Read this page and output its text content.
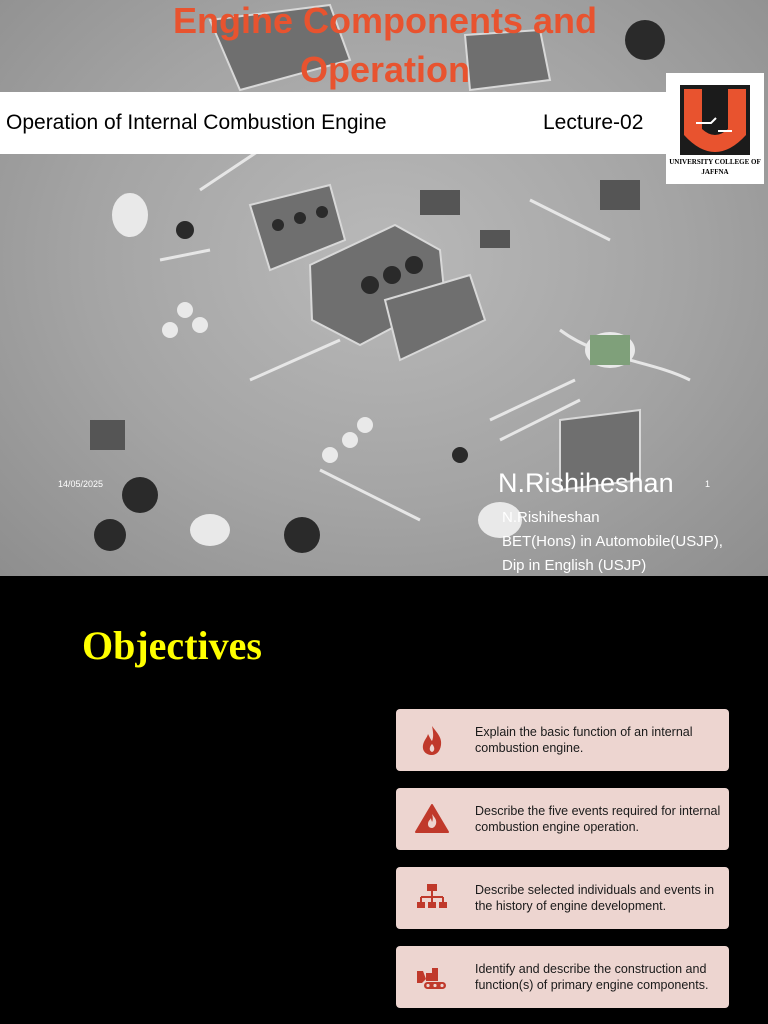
Engine Components and Operation
Operation of Internal Combustion Engine	Lecture-02
UNIVERSITY COLLEGE OF JAFFNA
14/05/2025	1
N.Rishiheshan
N.Rishiheshan
BET(Hons) in Automobile(USJP),
Dip in English (USJP)
Objectives
Explain the basic function of an internal combustion engine.
Describe the five events required for internal combustion engine operation.
Describe selected individuals and events in the history of engine development.
Identify and describe the construction and function(s) of primary engine components.
